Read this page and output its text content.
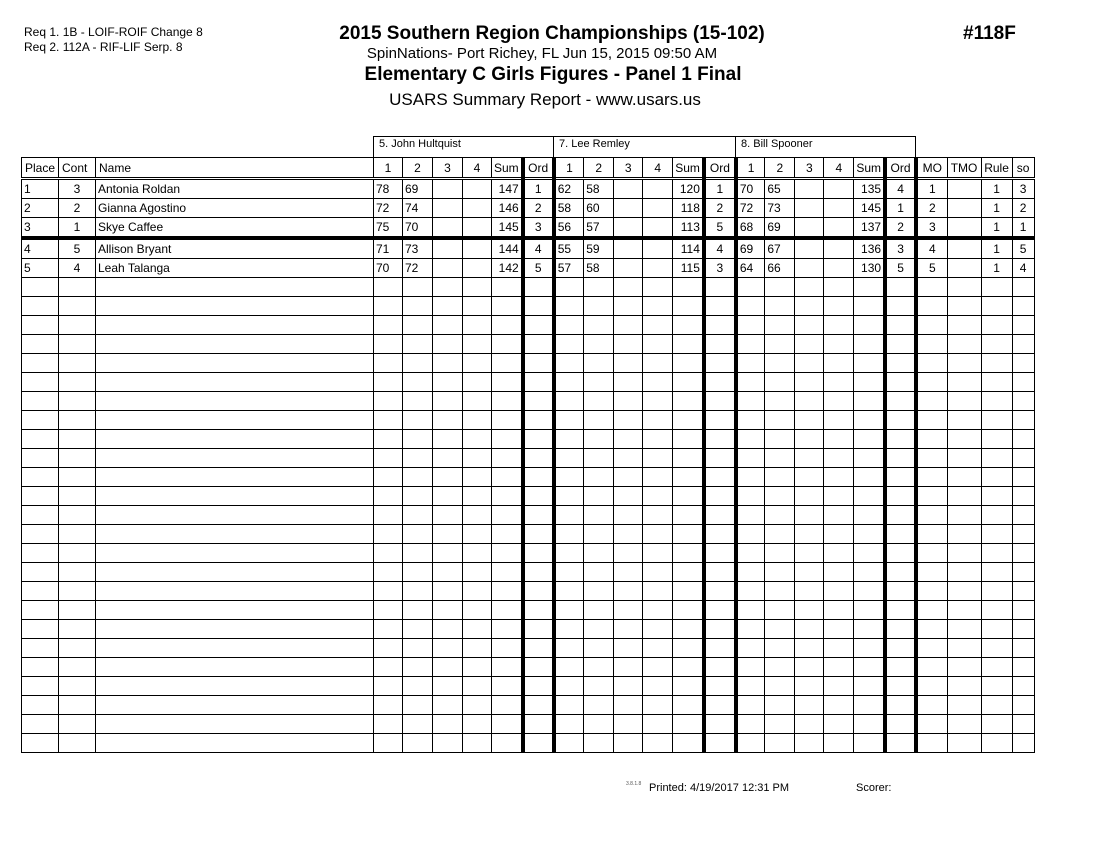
Req 1. 1B - LOIF-ROIF Change 8
Req 2. 112A - RIF-LIF Serp. 8
2015 Southern Region Championships (15-102)
SpinNations- Port Richey, FL Jun 15, 2015 09:50 AM
Elementary C Girls Figures - Panel 1 Final
USARS Summary Report - www.usars.us
#118F
5. John Hultquist	7. Lee Remley	8. Bill Spooner
Place	Cont	Name	1	2	3	4	Sum	Ord	1	2	3	4	Sum	Ord	1	2	3	4	Sum	Ord	MO	TMO	Rule	so
1	3	Antonia Roldan	78	69			147	1	62	58			120	1	70	65			135	4	1		1	3
2	2	Gianna Agostino	72	74			146	2	58	60			118	2	72	73			145	1	2		1	2
3	1	Skye Caffee	75	70			145	3	56	57			113	5	68	69			137	2	3		1	1
4	5	Allison Bryant	71	73			144	4	55	59			114	4	69	67			136	3	4		1	5
5	4	Leah Talanga	70	72			142	5	57	58			115	3	64	66			130	5	5		1	4

3.8.1.8 Printed: 4/19/2017 12:31 PM	Scorer:
